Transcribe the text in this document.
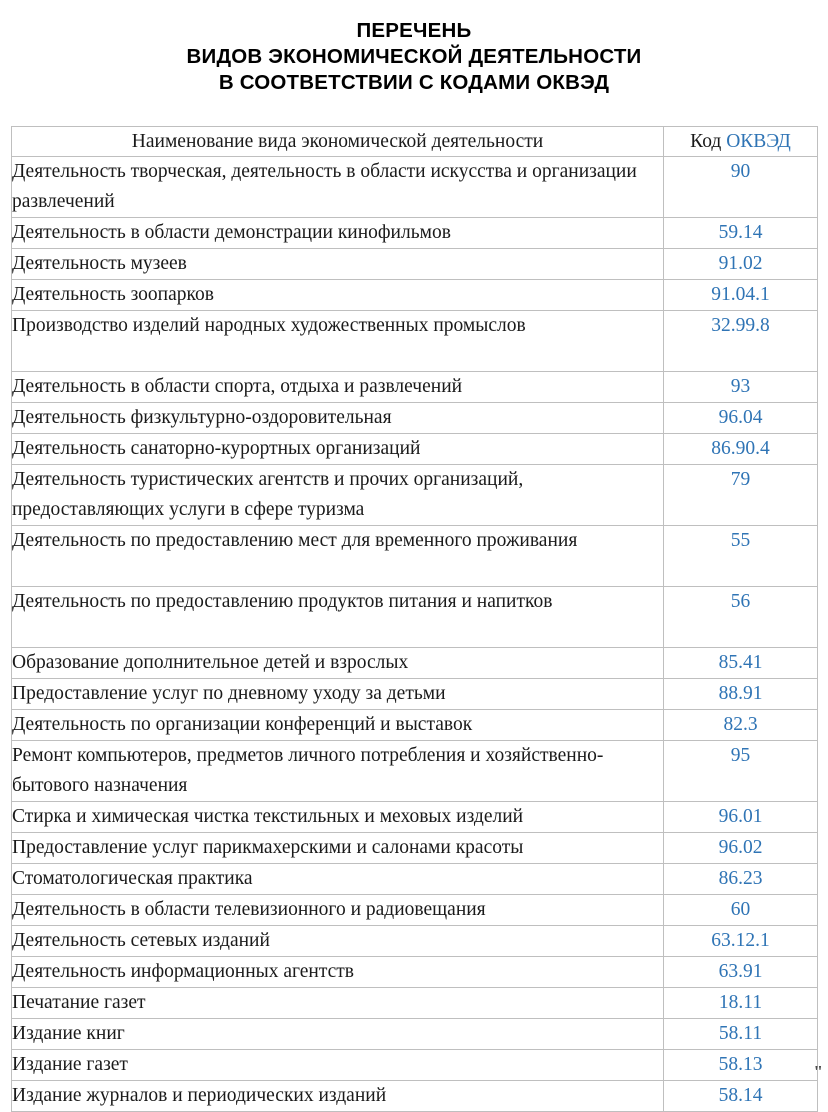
ПЕРЕЧЕНЬ
ВИДОВ ЭКОНОМИЧЕСКОЙ ДЕЯТЕЛЬНОСТИ
В СООТВЕТСТВИИ С КОДАМИ ОКВЭД
Наименование вида экономической деятельности	Код ОКВЭД
Деятельность творческая, деятельность в области искусства и организации развлечений	90
Деятельность в области демонстрации кинофильмов	59.14
Деятельность музеев	91.02
Деятельность зоопарков	91.04.1
Производство изделий народных художественных промыслов	32.99.8
Деятельность в области спорта, отдыха и развлечений	93
Деятельность физкультурно-оздоровительная	96.04
Деятельность санаторно-курортных организаций	86.90.4
Деятельность туристических агентств и прочих организаций, предоставляющих услуги в сфере туризма	79
Деятельность по предоставлению мест для временного проживания	55
Деятельность по предоставлению продуктов питания и напитков	56
Образование дополнительное детей и взрослых	85.41
Предоставление услуг по дневному уходу за детьми	88.91
Деятельность по организации конференций и выставок	82.3
Ремонт компьютеров, предметов личного потребления и хозяйственно-бытового назначения	95
Стирка и химическая чистка текстильных и меховых изделий	96.01
Предоставление услуг парикмахерскими и салонами красоты	96.02
Стоматологическая практика	86.23
Деятельность в области телевизионного и радиовещания	60
Деятельность сетевых изданий	63.12.1
Деятельность информационных агентств	63.91
Печатание газет	18.11
Издание книг	58.11
Издание газет	58.13
Издание журналов и периодических изданий	58.14
"
